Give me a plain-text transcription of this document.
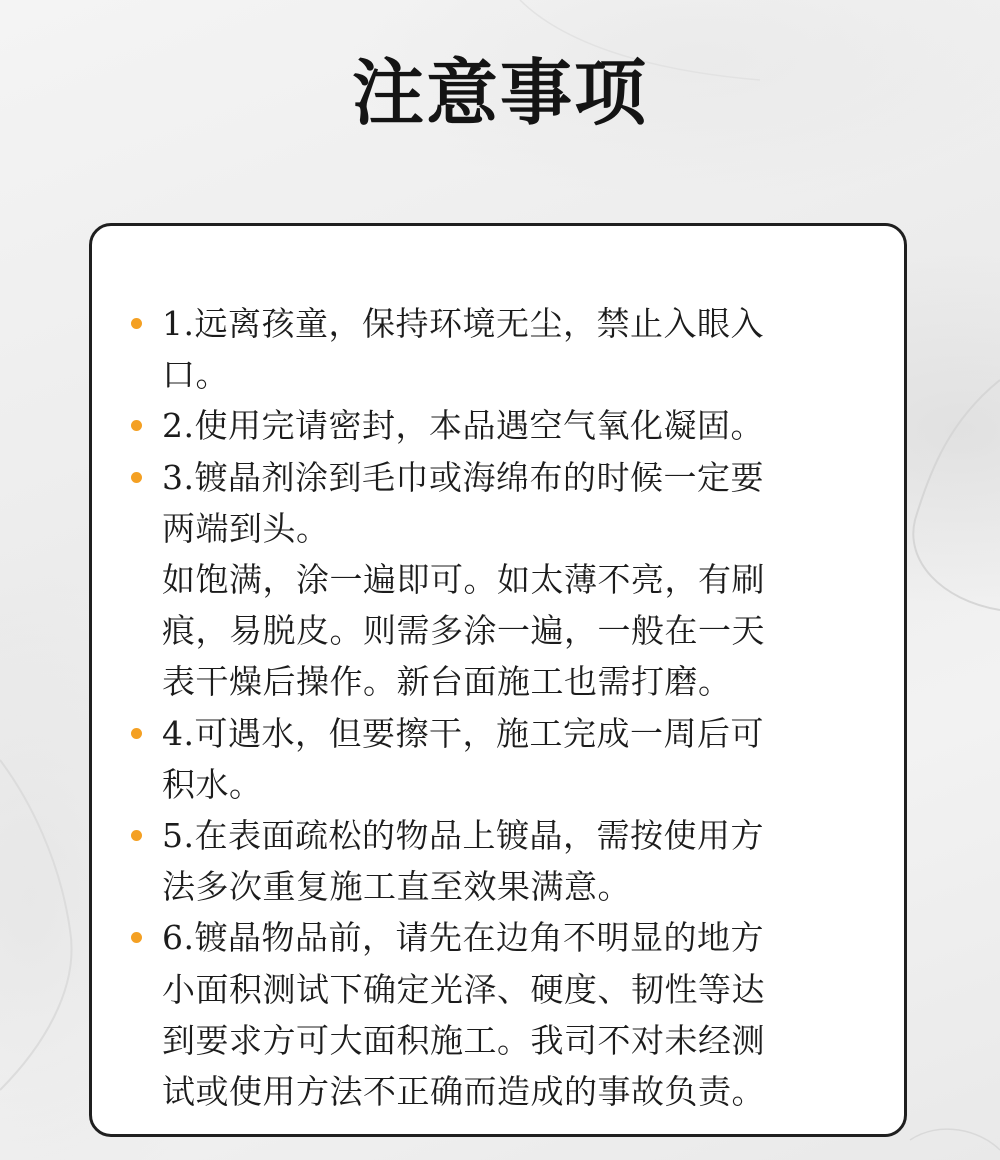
注意事项
1.远离孩童，保持环境无尘，禁止入眼入
口。
2.使用完请密封，本品遇空气氧化凝固。
3.镀晶剂涂到毛巾或海绵布的时候一定要
两端到头。
如饱满，涂一遍即可。如太薄不亮，有刷
痕，易脱皮。则需多涂一遍，一般在一天
表干燥后操作。新台面施工也需打磨。
4.可遇水，但要擦干，施工完成一周后可
积水。
5.在表面疏松的物品上镀晶，需按使用方
法多次重复施工直至效果满意。
6.镀晶物品前，请先在边角不明显的地方
小面积测试下确定光泽、硬度、韧性等达
到要求方可大面积施工。我司不对未经测
试或使用方法不正确而造成的事故负责。
